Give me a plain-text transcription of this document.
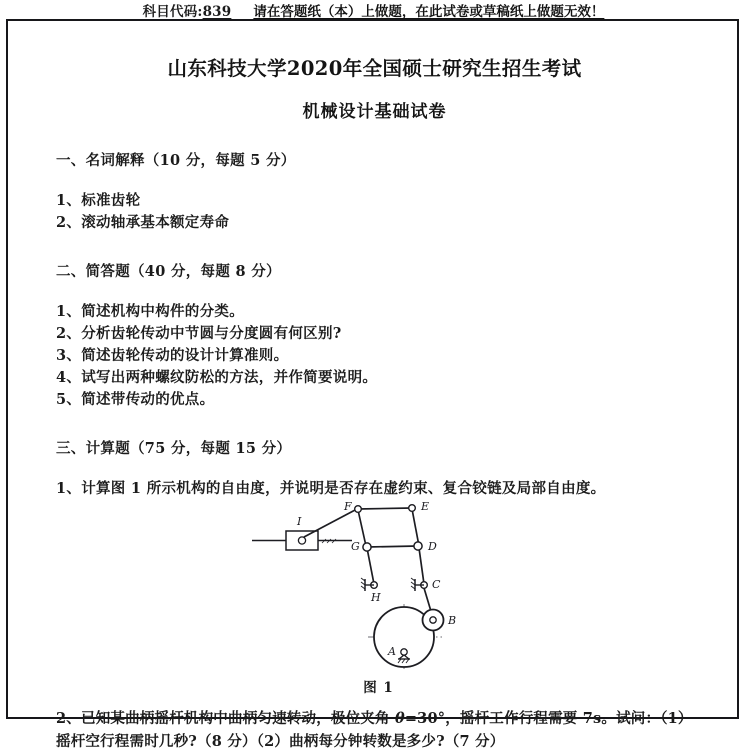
科目代码:839 请在答题纸（本）上做题，在此试卷或草稿纸上做题无效！
山东科技大学2020年全国硕士研究生招生考试
机械设计基础试卷

一、名词解释（10 分，每题 5 分）

1、标准齿轮

2、滚动轴承基本额定寿命

二、简答题（40 分，每题 8 分）

1、简述机构中构件的分类。

2、分析齿轮传动中节圆与分度圆有何区别?

3、简述齿轮传动的设计计算准则。

4、试写出两种螺纹防松的方法，并作简要说明。

5、简述带传动的优点。

三、计算题（75 分，每题 15 分）

1、计算图 1 所示机构的自由度，并说明是否存在虚约束、复合铰链及局部自由度。

I
F	E
G	D
H
C
B
A
图 1

2、已知某曲柄摇杆机构中曲柄匀速转动，极位夹角 θ=30°，摇杆工作行程需要 7s。试问：（1）摇杆空行程需时几秒?（8 分）（2）曲柄每分钟转数是多少?（7 分）
